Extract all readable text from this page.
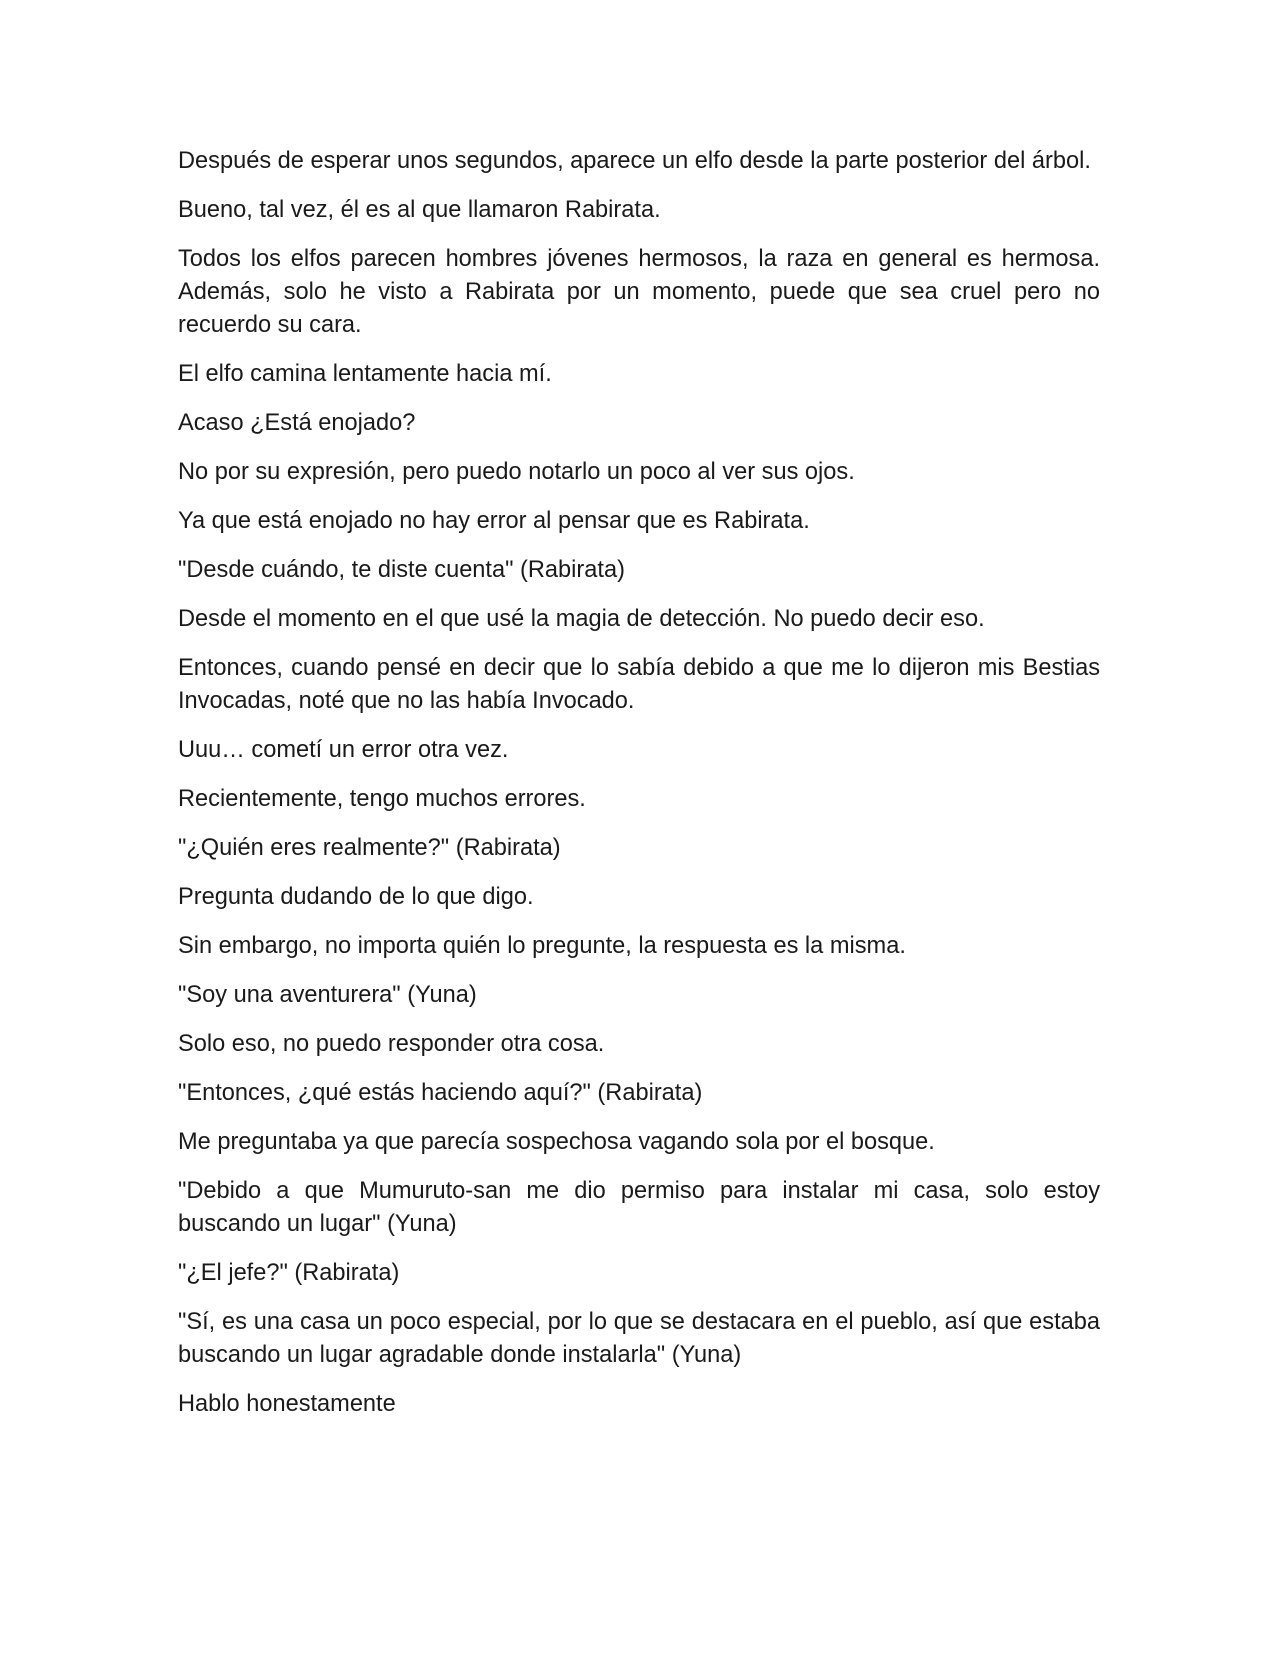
Después de esperar unos segundos, aparece un elfo desde la parte posterior del árbol.

Bueno, tal vez, él es al que llamaron Rabirata.

Todos los elfos parecen hombres jóvenes hermosos, la raza en general es hermosa. Además, solo he visto a Rabirata por un momento, puede que sea cruel pero no recuerdo su cara.

El elfo camina lentamente hacia mí.

Acaso ¿Está enojado?

No por su expresión, pero puedo notarlo un poco al ver sus ojos.

Ya que está enojado no hay error al pensar que es Rabirata.

"Desde cuándo, te diste cuenta" (Rabirata)

Desde el momento en el que usé la magia de detección. No puedo decir eso.

Entonces, cuando pensé en decir que lo sabía debido a que me lo dijeron mis Bestias Invocadas, noté que no las había Invocado.

Uuu… cometí un error otra vez.

Recientemente, tengo muchos errores.

"¿Quién eres realmente?" (Rabirata)

Pregunta dudando de lo que digo.

Sin embargo, no importa quién lo pregunte, la respuesta es la misma.

"Soy una aventurera" (Yuna)

Solo eso, no puedo responder otra cosa.

"Entonces, ¿qué estás haciendo aquí?" (Rabirata)

Me preguntaba ya que parecía sospechosa vagando sola por el bosque.

"Debido a que Mumuruto-san me dio permiso para instalar mi casa, solo estoy buscando un lugar" (Yuna)

"¿El jefe?" (Rabirata)

"Sí, es una casa un poco especial, por lo que se destacara en el pueblo, así que estaba buscando un lugar agradable donde instalarla" (Yuna)

Hablo honestamente
